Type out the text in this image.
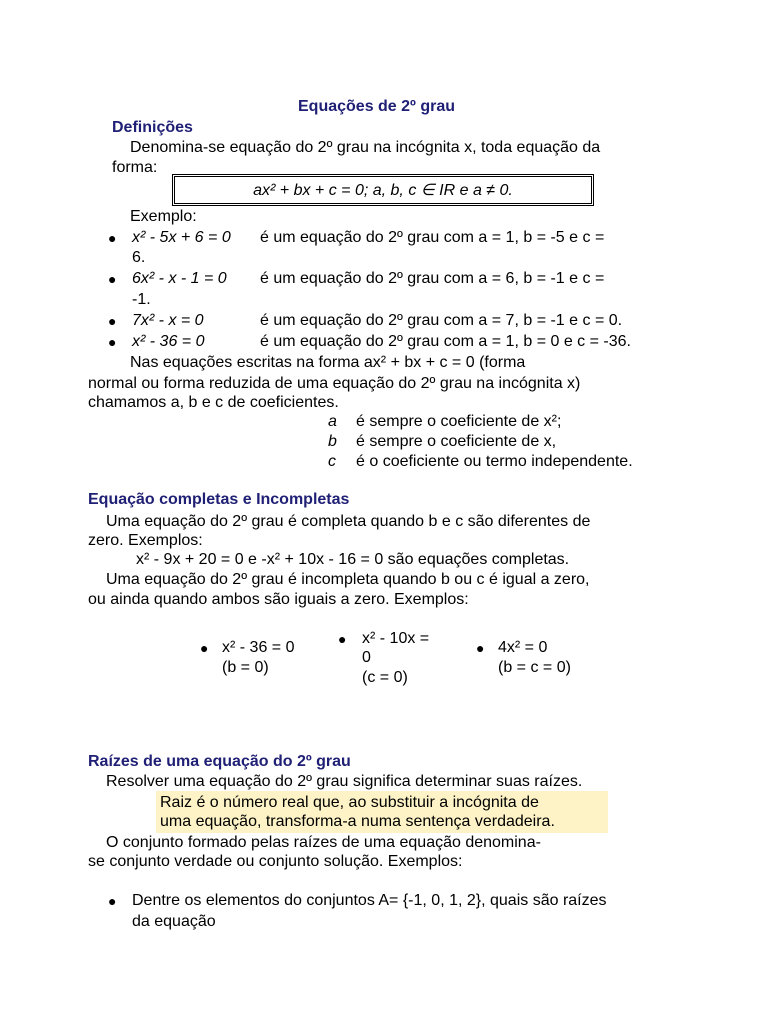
Equações de 2º grau
Definições
Denomina-se equação do 2º grau na incógnita x, toda equação da
forma:
ax² + bx + c = 0; a, b, c ∈ IR e a ≠ 0.
Exemplo:
● x² - 5x + 6 = 0 é um equação do 2º grau com a = 1, b = -5 e c =
6.
● 6x² - x - 1 = 0 é um equação do 2º grau com a = 6, b = -1 e c =
-1.
● 7x² - x = 0	é um equação do 2º grau com a = 7, b = -1 e c = 0.
● x² - 36 = 0	é um equação do 2º grau com a = 1, b = 0 e c = -36.
Nas equações escritas na forma ax² + bx + c = 0 (forma
normal ou forma reduzida de uma equação do 2º grau na incógnita x)
chamamos a, b e c de coeficientes.
a é sempre o coeficiente de x²;
b é sempre o coeficiente de x,
c é o coeficiente ou termo independente.
Equação completas e Incompletas
Uma equação do 2º grau é completa quando b e c são diferentes de
zero. Exemplos:
x² - 9x + 20 = 0 e -x² + 10x - 16 = 0 são equações completas.
Uma equação do 2º grau é incompleta quando b ou c é igual a zero,
ou ainda quando ambos são iguais a zero. Exemplos:
● x² - 36 = 0
(b = 0)
● x² - 10x =
0
(c = 0)
● 4x² = 0
(b = c = 0)
Raízes de uma equação do 2º grau
Resolver uma equação do 2º grau significa determinar suas raízes.
Raiz é o número real que, ao substituir a incógnita de
uma equação, transforma-a numa sentença verdadeira.
O conjunto formado pelas raízes de uma equação denomina-
se conjunto verdade ou conjunto solução. Exemplos:
● Dentre os elementos do conjuntos A= {-1, 0, 1, 2}, quais são raízes
da equação
